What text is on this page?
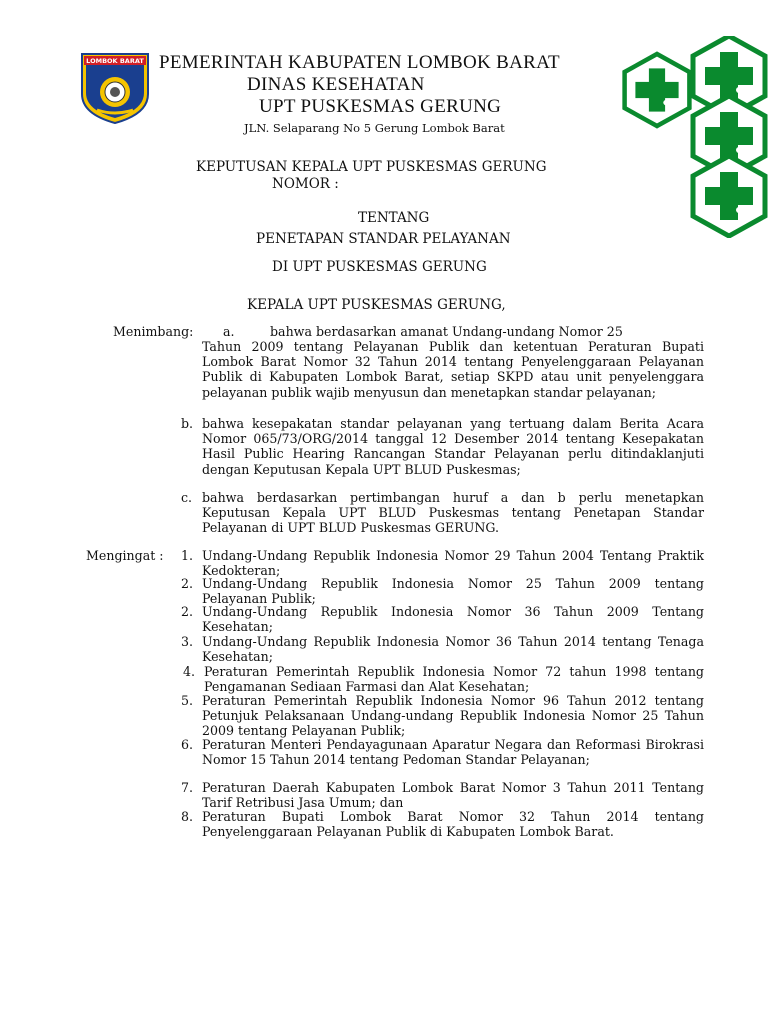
LOMBOK BARAT PEMERINTAH KABUPATEN LOMBOK BARAT
DINAS KESEHATAN
UPT PUSKESMAS GERUNG
JLN. Selaparang No 5 Gerung Lombok Barat
KEPUTUSAN KEPALA UPT PUSKESMAS GERUNG
NOMOR :
TENTANG
PENETAPAN STANDAR PELAYANAN
DI UPT PUSKESMAS GERUNG
KEPALA UPT PUSKESMAS GERUNG,
Menimbang: a.	bahwa berdasarkan amanat Undang-undang Nomor 25
Tahun 2009 tentang Pelayanan Publik dan ketentuan Peraturan Bupati Lombok Barat Nomor 32 Tahun 2014 tentang Penyelenggaraan Pelayanan Publik di Kabupaten Lombok Barat, setiap SKPD atau unit penyelenggara pelayanan publik wajib menyusun dan menetapkan standar pelayanan;
b. bahwa kesepakatan standar pelayanan yang tertuang dalam Berita Acara Nomor 065/73/ORG/2014 tanggal 12 Desember 2014 tentang Kesepakatan Hasil Public Hearing Rancangan Standar Pelayanan perlu ditindaklanjuti dengan Keputusan Kepala UPT BLUD Puskesmas;
c. bahwa berdasarkan pertimbangan huruf a dan b perlu menetapkan Keputusan Kepala UPT BLUD Puskesmas tentang Penetapan Standar Pelayanan di UPT BLUD Puskesmas GERUNG.
Mengingat : 1. Undang-Undang Republik Indonesia Nomor 29 Tahun 2004 Tentang Praktik Kedokteran;
2. Undang-Undang Republik Indonesia Nomor 25 Tahun 2009 tentang Pelayanan Publik;
2. Undang-Undang Republik Indonesia Nomor 36 Tahun 2009 Tentang Kesehatan;
3. Undang-Undang Republik Indonesia Nomor 36 Tahun 2014 tentang Tenaga Kesehatan;
4. Peraturan Pemerintah Republik Indonesia Nomor 72 tahun 1998 tentang Pengamanan Sediaan Farmasi dan Alat Kesehatan;
5. Peraturan Pemerintah Republik Indonesia Nomor 96 Tahun 2012 tentang Petunjuk Pelaksanaan Undang-undang Republik Indonesia Nomor 25 Tahun 2009 tentang Pelayanan Publik;
6. Peraturan Menteri Pendayagunaan Aparatur Negara dan Reformasi Birokrasi Nomor 15 Tahun 2014 tentang Pedoman Standar Pelayanan;
7. Peraturan Daerah Kabupaten Lombok Barat Nomor 3 Tahun 2011 Tentang Tarif Retribusi Jasa Umum; dan
8. Peraturan Bupati Lombok Barat Nomor 32 Tahun 2014 tentang Penyelenggaraan Pelayanan Publik di Kabupaten Lombok Barat.
